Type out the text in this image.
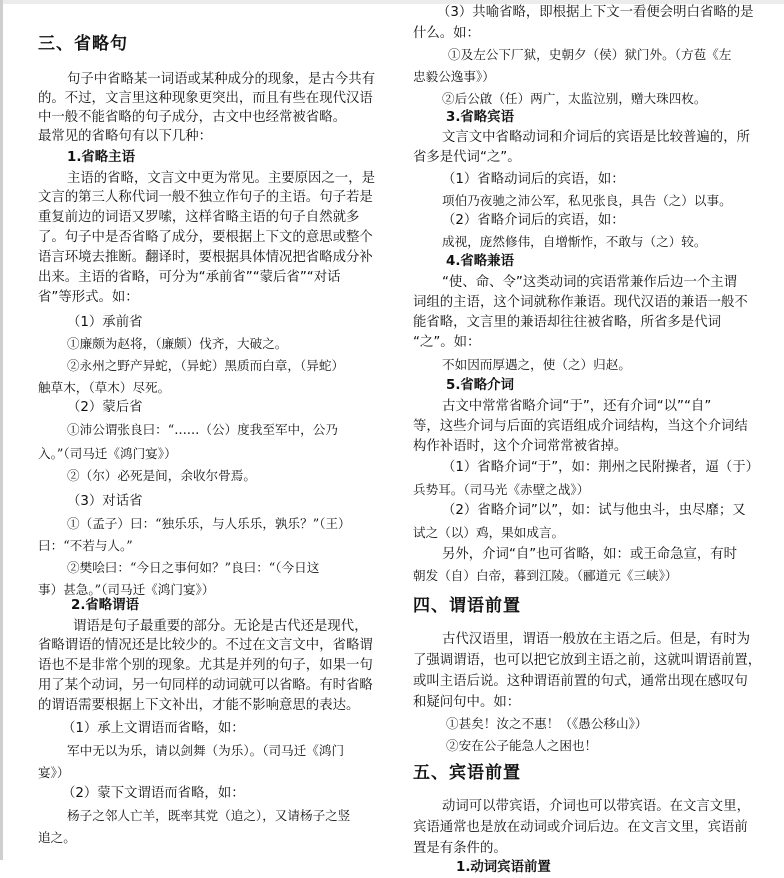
三、省略句
句子中省略某一词语或某种成分的现象，是古今共有
的。不过，文言里这种现象更突出，而且有些在现代汉语
中一般不能省略的句子成分，古文中也经常被省略。
最常见的省略句有以下几种：
1.省略主语
主语的省略，文言文中更为常见。主要原因之一，是
文言的第三人称代词一般不独立作句子的主语。句子若是
重复前边的词语又罗嗦，这样省略主语的句子自然就多
了。句子中是否省略了成分，要根据上下文的意思或整个
语言环境去推断。翻译时，要根据具体情况把省略成分补
出来。主语的省略，可分为“承前省”“蒙后省”“对话
省”等形式。如：
（1）承前省
①廉颇为赵将，（廉颇）伐齐，大破之。
②永州之野产异蛇，（异蛇）黑质而白章，（异蛇）
触草木，（草木）尽死。
（2）蒙后省
①沛公谓张良曰：“……（公）度我至军中，公乃
入。”（司马迁《鸿门宴》）
②（尔）必死是间，余收尔骨焉。
（3）对话省
①（孟子）曰：“独乐乐，与人乐乐，孰乐？”（王）
曰：“不若与人。”
②樊哙曰：“今日之事何如？”良曰：“（今日这
事）甚急。”（司马迁《鸿门宴》）
2.省略谓语
谓语是句子最重要的部分。无论是古代还是现代，
省略谓语的情况还是比较少的。不过在文言文中，省略谓
语也不是非常个别的现象。尤其是并列的句子，如果一句
用了某个动词，另一句同样的动词就可以省略。有时省略
的谓语需要根据上下文补出，才能不影响意思的表达。
（1）承上文谓语而省略，如：
军中无以为乐，请以剑舞（为乐）。（司马迁《鸿门
宴》）
（2）蒙下文谓语而省略，如：
杨子之邻人亡羊，既率其党（追之），又请杨子之竖
追之。
（3）共喻省略，即根据上下文一看便会明白省略的是
什么。如：
①及左公下厂狱，史朝夕（侯）狱门外。（方苞《左
忠毅公逸事》）
②后公啟（任）两广，太监泣别，赠大珠四枚。
3.省略宾语
文言文中省略动词和介词后的宾语是比较普遍的，所
省多是代词“之”。
（1）省略动词后的宾语，如：
项伯乃夜驰之沛公军，私见张良，具告（之）以事。
（2）省略介词后的宾语，如：
成视，庞然修伟，自增惭怍，不敢与（之）较。
4.省略兼语
“使、命、令”这类动词的宾语常兼作后边一个主谓
词组的主语，这个词就称作兼语。现代汉语的兼语一般不
能省略，文言里的兼语却往往被省略，所省多是代词
“之”。如：
不如因而厚遇之，使（之）归赵。
5.省略介词
古文中常常省略介词“于”，还有介词“以”“自”
等，这些介词与后面的宾语组成介词结构，当这个介词结
构作补语时，这个介词常常被省掉。
（1）省略介词“于”，如：荆州之民附操者，逼（于）
兵势耳。（司马光《赤壁之战》）
（2）省略介词”以”，如：试与他虫斗，虫尽靡；又
试之（以）鸡，果如成言。
另外，介词“自”也可省略，如：或王命急宣，有时
朝发（自）白帝，暮到江陵。（郦道元《三峡》）
四、谓语前置
古代汉语里，谓语一般放在主语之后。但是，有时为
了强调谓语，也可以把它放到主语之前，这就叫谓语前置，
或叫主语后说。这种谓语前置的句式，通常出现在感叹句
和疑问句中。如：
①甚矣！汝之不惠！（《愚公移山》）
②安在公子能急人之困也！
五、宾语前置
动词可以带宾语，介词也可以带宾语。在文言文里，
宾语通常也是放在动词或介词后边。在文言文里，宾语前
置是有条件的。
1.动词宾语前置
